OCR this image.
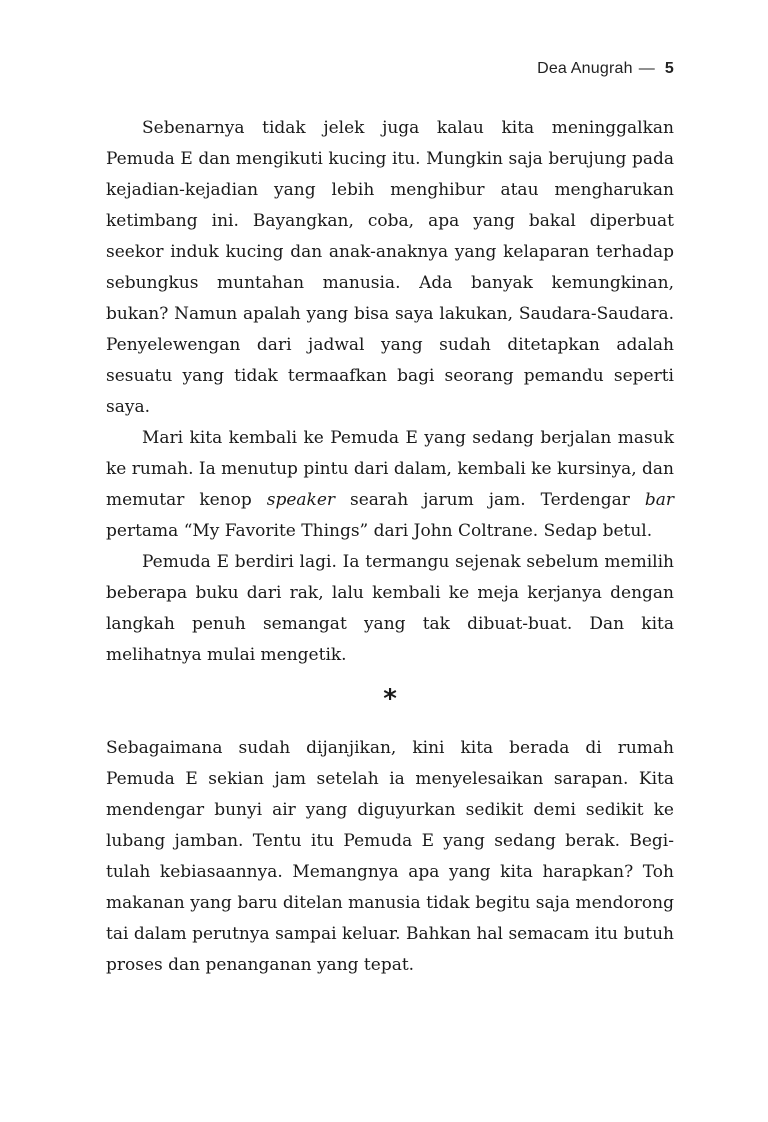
Dea Anugrah — 5

Sebenarnya tidak jelek juga kalau kita meninggalkan Pemuda E dan mengikuti kucing itu. Mungkin saja berujung pada kejadian-kejadian yang lebih menghibur atau mengharukan ketimbang ini. Bayangkan, coba, apa yang bakal diperbuat seekor induk kucing dan anak-anaknya yang kelaparan terhadap sebungkus muntahan manusia. Ada banyak kemungkinan, bukan? Namun apalah yang bisa saya lakukan, Saudara-Saudara. Penyelewengan dari jadwal yang sudah ditetapkan adalah sesuatu yang tidak termaafkan bagi seorang pemandu seperti saya.

Mari kita kembali ke Pemuda E yang sedang berjalan masuk ke rumah. Ia menutup pintu dari dalam, kembali ke kursinya, dan memutar kenop speaker searah jarum jam. Terdengar bar pertama “My Favorite Things” dari John Coltrane. Sedap betul.

Pemuda E berdiri lagi. Ia termangu sejenak sebelum memilih beberapa buku dari rak, lalu kembali ke meja kerjanya dengan langkah penuh semangat yang tak dibuat-buat. Dan kita melihatnya mulai mengetik.

*

Sebagaimana sudah dijanjikan, kini kita berada di rumah Pemuda E sekian jam setelah ia menyelesaikan sarapan. Kita mendengar bunyi air yang diguyurkan sedikit demi sedikit ke lubang jamban. Tentu itu Pemuda E yang sedang berak. Begitulah kebiasaannya. Memangnya apa yang kita harapkan? Toh makanan yang baru ditelan manusia tidak begitu saja mendorong tai dalam perutnya sampai keluar. Bahkan hal semacam itu butuh proses dan penanganan yang tepat.
